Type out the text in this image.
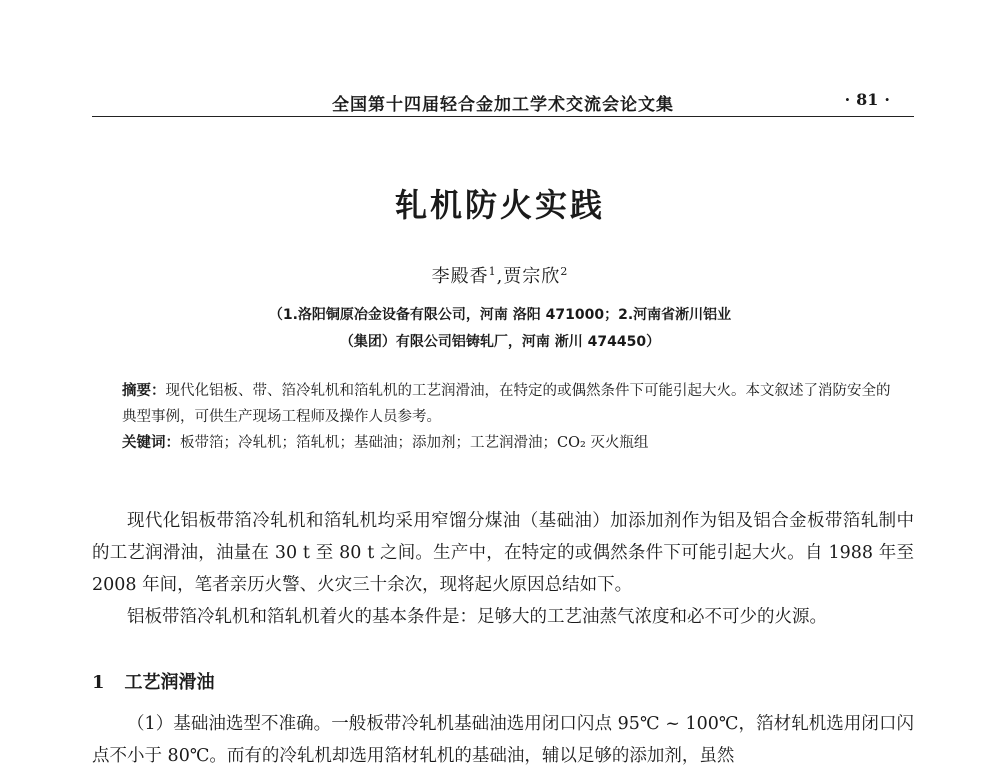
全国第十四届轻合金加工学术交流会论文集	· 81 ·
轧机防火实践
李殿香$^1$,贾宗欣$^2$
（1.洛阳铜原冶金设备有限公司，河南 洛阳 471000；2.河南省淅川铝业
（集团）有限公司铝铸轧厂，河南 淅川 474450）
摘要：现代化铝板、带、箔冷轧机和箔轧机的工艺润滑油，在特定的或偶然条件下可能引起大火。本文叙述了消防安全的典型事例，可供生产现场工程师及操作人员参考。
关键词：板带箔；冷轧机；箔轧机；基础油；添加剂；工艺润滑油；CO₂ 灭火瓶组

现代化铝板带箔冷轧机和箔轧机均采用窄馏分煤油（基础油）加添加剂作为铝及铝合金板带箔轧制中的工艺润滑油，油量在 30 t 至 80 t 之间。生产中，在特定的或偶然条件下可能引起大火。自 1988 年至 2008 年间，笔者亲历火警、火灾三十余次，现将起火原因总结如下。

铝板带箔冷轧机和箔轧机着火的基本条件是：足够大的工艺油蒸气浓度和必不可少的火源。

1 工艺润滑油

（1）基础油选型不准确。一般板带冷轧机基础油选用闭口闪点 95℃ ~ 100℃，箔材轧机选用闭口闪点不小于 80℃。而有的冷轧机却选用箔材轧机的基础油，辅以足够的添加剂，虽然
